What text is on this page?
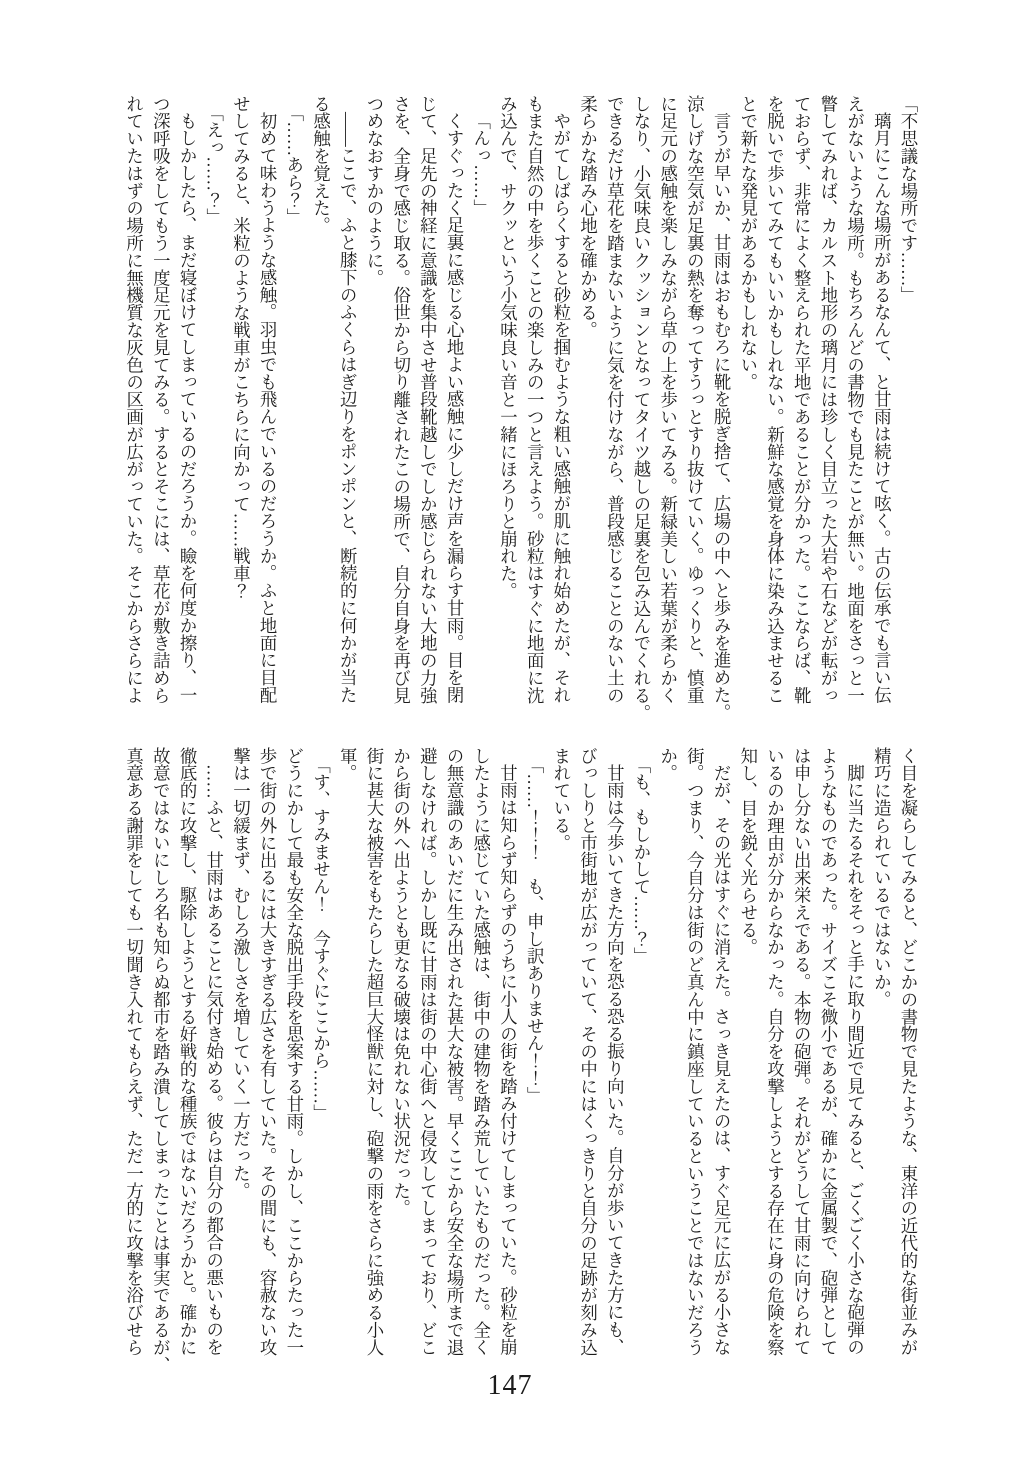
「不思議な場所です……」

璃月にこんな場所があるなんて、と甘雨は続けて呟く。古の伝承でも言い伝

えがないような場所。もちろんどの書物でも見たことが無い。地面をさっと一

瞥してみれば、カルスト地形の璃月には珍しく目立った大岩や石などが転がっ

ておらず、非常によく整えられた平地であることが分かった。ここならば、靴

を脱いで歩いてみてもいいかもしれない。新鮮な感覚を身体に染み込ませるこ

とで新たな発見があるかもしれない。

言うが早いか、甘雨はおもむろに靴を脱ぎ捨て、広場の中へと歩みを進めた。

涼しげな空気が足裏の熱を奪ってすうっとすり抜けていく。ゆっくりと、慎重

に足元の感触を楽しみながら草の上を歩いてみる。新緑美しい若葉が柔らかく

しなり、小気味良いクッションとなってタイツ越しの足裏を包み込んでくれる。

できるだけ草花を踏まないように気を付けながら、普段感じることのない土の

柔らかな踏み心地を確かめる。

やがてしばらくすると砂粒を掴むような粗い感触が肌に触れ始めたが、それ

もまた自然の中を歩くことの楽しみの一つと言えよう。砂粒はすぐに地面に沈

み込んで、サクッという小気味良い音と一緒にほろりと崩れた。

「んっ……」

くすぐったく足裏に感じる心地よい感触に少しだけ声を漏らす甘雨。目を閉

じて、足先の神経に意識を集中させ普段靴越しでしか感じられない大地の力強

さを、全身で感じ取る。俗世から切り離されたこの場所で、自分自身を再び見

つめなおすかのように。

――ここで、ふと膝下のふくらはぎ辺りをポンポンと、断続的に何かが当た

る感触を覚えた。

「……あら？」

初めて味わうような感触。羽虫でも飛んでいるのだろうか。ふと地面に目配

せしてみると、米粒のような戦車がこちらに向かって……戦車？

「えっ……？」

もしかしたら、まだ寝ぼけてしまっているのだろうか。瞼を何度か擦り、一

つ深呼吸をしてもう一度足元を見てみる。するとそこには、草花が敷き詰めら

れていたはずの場所に無機質な灰色の区画が広がっていた。そこからさらによ

く目を凝らしてみると、どこかの書物で見たような、東洋の近代的な街並みが

精巧に造られているではないか。

脚に当たるそれをそっと手に取り間近で見てみると、ごくごく小さな砲弾の

ようなものであった。サイズこそ微小であるが、確かに金属製で、砲弾として

は申し分ない出来栄えである。本物の砲弾。それがどうして甘雨に向けられて

いるのか理由が分からなかった。自分を攻撃しようとする存在に身の危険を察

知し、目を鋭く光らせる。

だが、その光はすぐに消えた。さっき見えたのは、すぐ足元に広がる小さな

街。つまり、今自分は街のど真ん中に鎮座しているということではないだろう

か。

「も、もしかして……？」

甘雨は今歩いてきた方向を恐る恐る振り向いた。自分が歩いてきた方にも、

びっしりと市街地が広がっていて、その中にはくっきりと自分の足跡が刻み込

まれている。

「……！！！　も、申し訳ありません！！」

甘雨は知らず知らずのうちに小人の街を踏み付けてしまっていた。砂粒を崩

したように感じていた感触は、街中の建物を踏み荒していたものだった。全く

の無意識のあいだに生み出された甚大な被害。早くここから安全な場所まで退

避しなければ。しかし既に甘雨は街の中心街へと侵攻してしまっており、どこ

から街の外へ出ようとも更なる破壊は免れない状況だった。

街に甚大な被害をもたらした超巨大怪獣に対し、砲撃の雨をさらに強める小人

軍。

「す、すみません！　今すぐにここから……」

どうにかして最も安全な脱出手段を思案する甘雨。しかし、ここからたった一

歩で街の外に出るには大きすぎる広さを有していた。その間にも、容赦ない攻

撃は一切緩まず、むしろ激しさを増していく一方だった。

……ふと、甘雨はあることに気付き始める。彼らは自分の都合の悪いものを

徹底的に攻撃し、駆除しようとする好戦的な種族ではないだろうかと。確かに

故意ではないにしろ名も知らぬ都市を踏み潰してしまったことは事実であるが、

真意ある謝罪をしても一切聞き入れてもらえず、ただ一方的に攻撃を浴びせら

147
